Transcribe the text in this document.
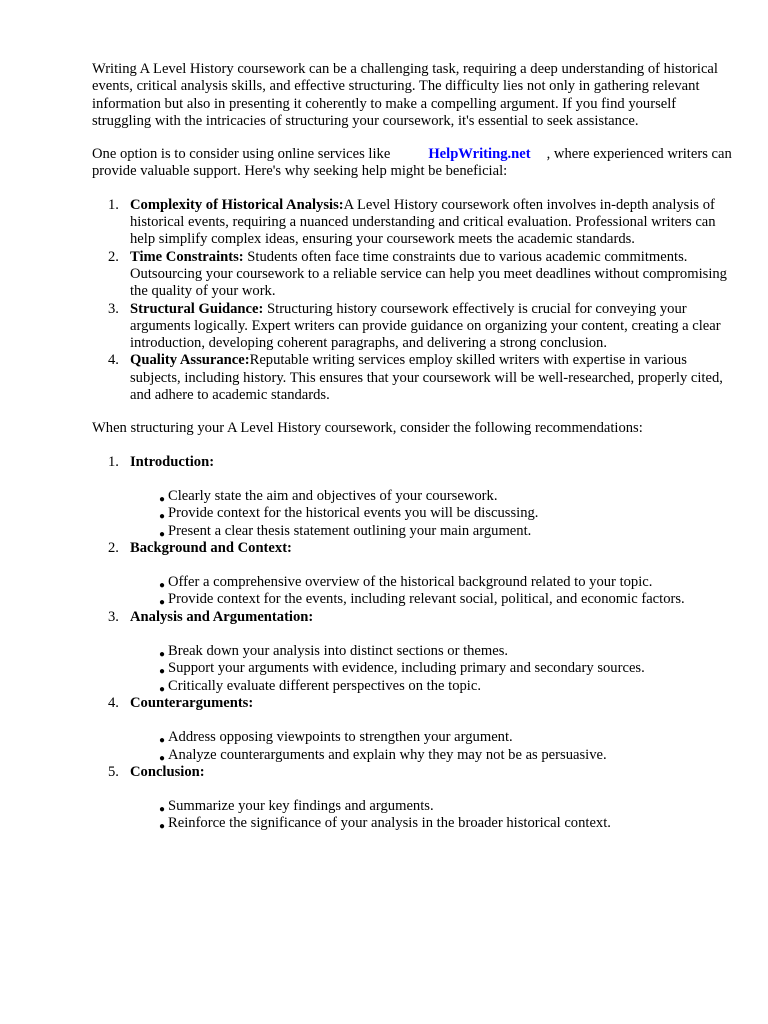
Writing A Level History coursework can be a challenging task, requiring a deep understanding of historical events, critical analysis skills, and effective structuring. The difficulty lies not only in gathering relevant information but also in presenting it coherently to make a compelling argument. If you find yourself struggling with the intricacies of structuring your coursework, it's essential to seek assistance.

One option is to consider using online services like	HelpWriting.net , where experienced writers can provide valuable support. Here's why seeking help might be beneficial:

1. Complexity of Historical Analysis:A Level History coursework often involves in-depth analysis of historical events, requiring a nuanced understanding and critical evaluation. Professional writers can help simplify complex ideas, ensuring your coursework meets the academic standards.
2. Time Constraints: Students often face time constraints due to various academic commitments. Outsourcing your coursework to a reliable service can help you meet deadlines without compromising the quality of your work.
3. Structural Guidance: Structuring history coursework effectively is crucial for conveying your arguments logically. Expert writers can provide guidance on organizing your content, creating a clear introduction, developing coherent paragraphs, and delivering a strong conclusion.
4. Quality Assurance:Reputable writing services employ skilled writers with expertise in various subjects, including history. This ensures that your coursework will be well-researched, properly cited, and adhere to academic standards.

When structuring your A Level History coursework, consider the following recommendations:

1. Introduction:
● Clearly state the aim and objectives of your coursework.
● Provide context for the historical events you will be discussing.
● Present a clear thesis statement outlining your main argument.
2. Background and Context:
● Offer a comprehensive overview of the historical background related to your topic.
● Provide context for the events, including relevant social, political, and economic factors.
3. Analysis and Argumentation:
● Break down your analysis into distinct sections or themes.
● Support your arguments with evidence, including primary and secondary sources.
● Critically evaluate different perspectives on the topic.
4. Counterarguments:
● Address opposing viewpoints to strengthen your argument.
● Analyze counterarguments and explain why they may not be as persuasive.
5. Conclusion:
● Summarize your key findings and arguments.
● Reinforce the significance of your analysis in the broader historical context.
